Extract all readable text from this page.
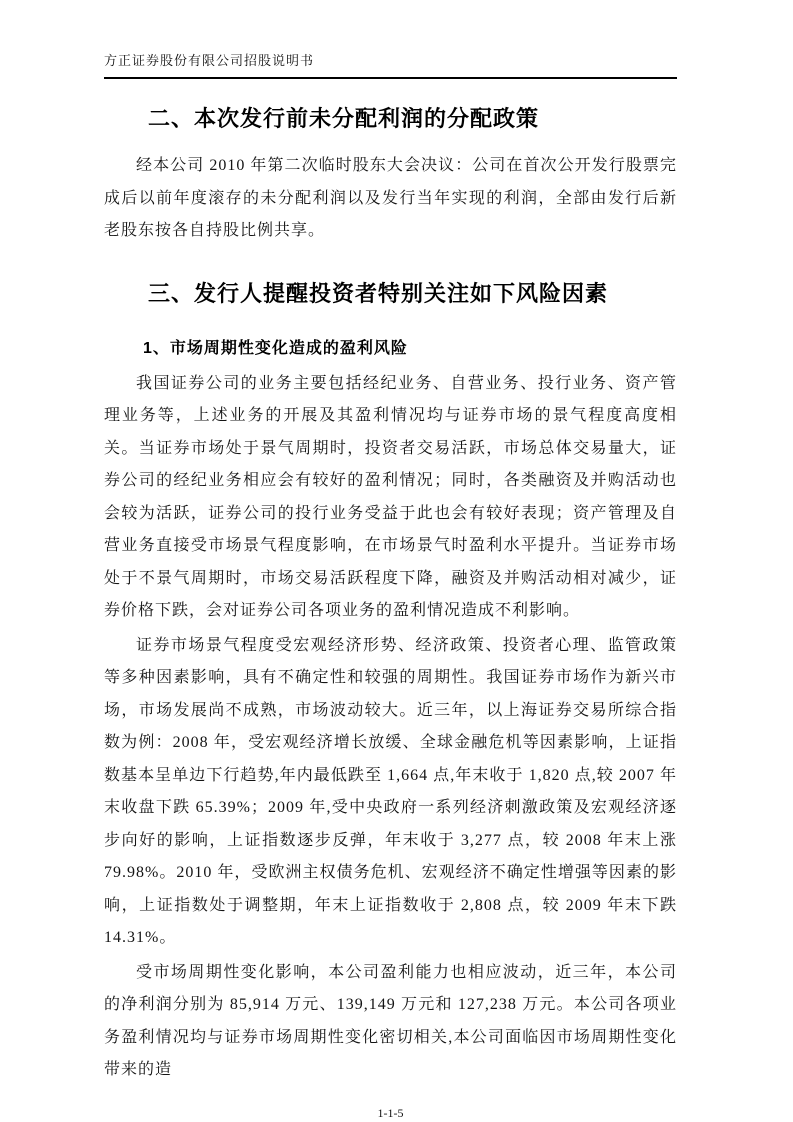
方正证券股份有限公司招股说明书
二、本次发行前未分配利润的分配政策

经本公司 2010 年第二次临时股东大会决议：公司在首次公开发行股票完成后以前年度滚存的未分配利润以及发行当年实现的利润，全部由发行后新老股东按各自持股比例共享。

三、发行人提醒投资者特别关注如下风险因素
1、市场周期性变化造成的盈利风险

我国证券公司的业务主要包括经纪业务、自营业务、投行业务、资产管理业务等，上述业务的开展及其盈利情况均与证券市场的景气程度高度相关。当证券市场处于景气周期时，投资者交易活跃，市场总体交易量大，证券公司的经纪业务相应会有较好的盈利情况；同时，各类融资及并购活动也会较为活跃，证券公司的投行业务受益于此也会有较好表现；资产管理及自营业务直接受市场景气程度影响，在市场景气时盈利水平提升。当证券市场处于不景气周期时，市场交易活跃程度下降，融资及并购活动相对减少，证券价格下跌，会对证券公司各项业务的盈利情况造成不利影响。

证券市场景气程度受宏观经济形势、经济政策、投资者心理、监管政策等多种因素影响，具有不确定性和较强的周期性。我国证券市场作为新兴市场，市场发展尚不成熟，市场波动较大。近三年，以上海证券交易所综合指数为例：2008 年，受宏观经济增长放缓、全球金融危机等因素影响，上证指数基本呈单边下行趋势,年内最低跌至 1,664 点,年末收于 1,820 点,较 2007 年末收盘下跌 65.39%；2009 年,受中央政府一系列经济刺激政策及宏观经济逐步向好的影响，上证指数逐步反弹，年末收于 3,277 点，较 2008 年末上涨 79.98%。2010 年，受欧洲主权债务危机、宏观经济不确定性增强等因素的影响，上证指数处于调整期，年末上证指数收于 2,808 点，较 2009 年末下跌 14.31%。

受市场周期性变化影响，本公司盈利能力也相应波动，近三年，本公司的净利润分别为 85,914 万元、139,149 万元和 127,238 万元。本公司各项业务盈利情况均与证券市场周期性变化密切相关,本公司面临因市场周期性变化带来的造

1-1-5
